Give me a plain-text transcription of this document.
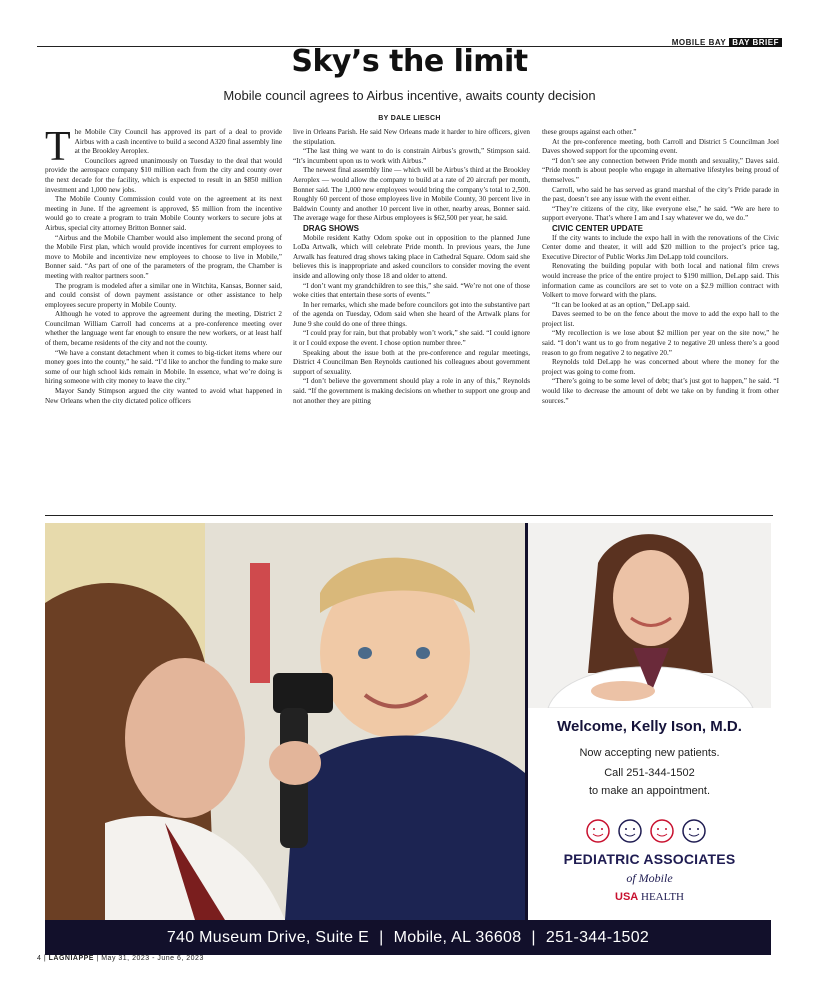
MOBILE BAY BAY BRIEF
Sky’s the limit
Mobile council agrees to Airbus incentive, awaits county decision
BY DALE LIESCH
T he Mobile City Council has approved its part of a deal to provide Airbus with a cash incentive to build a second A320 final assembly line at the Brookley Aeroplex.

Councilors agreed unanimously on Tuesday to the deal that would provide the aerospace company $10 million each from the city and county over the next decade for the facility, which is expected to result in an $850 million investment and 1,000 new jobs.

The Mobile County Commission could vote on the agreement at its next meeting in June. If the agreement is approved, $5 million from the incentive would go to create a program to train Mobile County workers to secure jobs at Airbus, special city attorney Britton Bonner said.

“Airbus and the Mobile Chamber would also implement the second prong of the Mobile First plan, which would provide incentives for current employees to move to Mobile and incentivize new employees to choose to live in Mobile,” Bonner said. “As part of one of the parameters of the program, the Chamber is meeting with realtor partners soon.”

The program is modeled after a similar one in Witchita, Kansas, Bonner said, and could consist of down payment assistance or other assistance to help employees secure property in Mobile County.

Although he voted to approve the agreement during the meeting, District 2 Councilman William Carroll had concerns at a pre-conference meeting over whether the language went far enough to ensure the new workers, or at least half of them, became residents of the city and not the county.

“We have a constant detachment when it comes to big-ticket items where our money goes into the county,” he said. “I’d like to anchor the funding to make sure some of our high school kids remain in Mobile. In essence, what we’re doing is hiring someone with city money to leave the city.”

Mayor Sandy Stimpson argued the city wanted to avoid what happened in New Orleans when the city dictated police officers

live in Orleans Parish. He said New Orleans made it harder to hire officers, given the stipulation.

“The last thing we want to do is constrain Airbus’s growth,” Stimpson said. “It’s incumbent upon us to work with Airbus.”

The newest final assembly line — which will be Airbus’s third at the Brookley Aeroplex — would allow the company to build at a rate of 20 aircraft per month, Bonner said. The 1,000 new employees would bring the company’s total to 2,500. Roughly 60 percent of those employees live in Mobile County, 30 percent live in Baldwin County and another 10 percent live in other, nearby areas, Bonner said. The average wage for these Airbus employees is $62,500 per year, he said.

DRAG SHOWS

Mobile resident Kathy Odom spoke out in opposition to the planned June LoDa Artwalk, which will celebrate Pride month. In previous years, the June Arwalk has featured drag shows taking place in Cathedral Square. Odom said she believes this is inappropriate and asked councilors to consider moving the event inside and allowing only those 18 and older to attend.

“I don’t want my grandchildren to see this,” she said. “We’re not one of those woke cities that entertain these sorts of events.”

In her remarks, which she made before councilors got into the substantive part of the agenda on Tuesday, Odom said when she heard of the Artwalk plans for June 9 she could do one of three things.

“I could pray for rain, but that probably won’t work,” she said. “I could ignore it or I could expose the event. I chose option number three.”

Speaking about the issue both at the pre-conference and regular meetings, District 4 Councilman Ben Reynolds cautioned his colleagues about government support of sexuality.

“I don’t believe the government should play a role in any of this,” Reynolds said. “If the government is making decisions on whether to support one group and not another they are pitting

these groups against each other.”

At the pre-conference meeting, both Carroll and District 5 Councilman Joel Daves showed support for the upcoming event.

“I don’t see any connection between Pride month and sexuality,” Daves said. “Pride month is about people who engage in alternative lifestyles being proud of themselves.”

Carroll, who said he has served as grand marshal of the city’s Pride parade in the past, doesn’t see any issue with the event either.

“They’re citizens of the city, like everyone else,” he said. “We are here to support everyone. That’s where I am and I say whatever we do, we do.”

CIVIC CENTER UPDATE

If the city wants to include the expo hall in with the renovations of the Civic Center dome and theater, it will add $20 million to the project’s price tag, Executive Director of Public Works Jim DeLapp told councilors.

Renovating the building popular with both local and national film crews would increase the price of the entire project to $190 million, DeLapp said. This information came as councilors are set to vote on a $2.9 million contract with Volkert to move forward with the plans.

“It can be looked at as an option,” DeLapp said.

Daves seemed to be on the fence about the move to add the expo hall to the project list.

“My recollection is we lose about $2 million per year on the site now,” he said. “I don’t want us to go from negative 2 to negative 20 unless there’s a good reason to go from negative 2 to negative 20.”

Reynolds told DeLapp he was concerned about where the money for the project was going to come from.

“There’s going to be some level of debt; that’s just got to happen,” he said. “I would like to decrease the amount of debt we take on by funding it from other sources.”

Welcome, Kelly Ison, M.D.
Now accepting new patients.
Call 251-344-1502
to make an appointment.
PEDIATRIC ASSOCIATES
of Mobile
USA HEALTH
740 Museum Drive, Suite E | Mobile, AL 36608 | 251-344-1502
4 | LAGNIAPPE | May 31, 2023 - June 6, 2023
